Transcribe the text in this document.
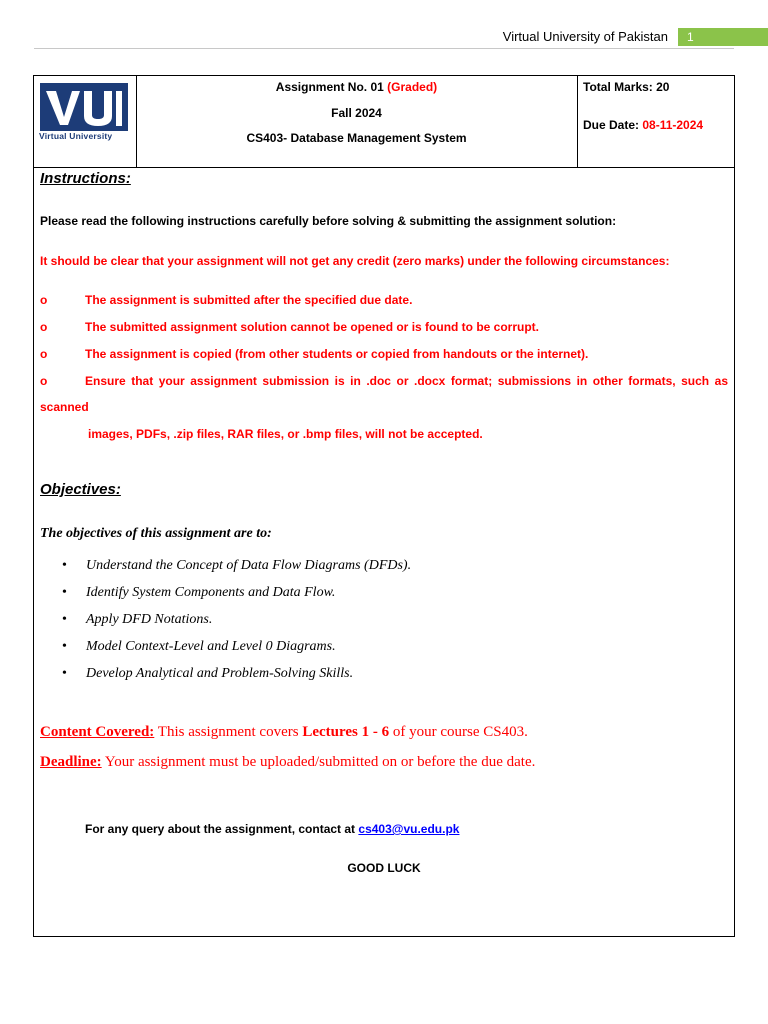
Virtual University of Pakistan	1
Virtual University
Assignment No. 01 (Graded)
Fall 2024
CS403- Database Management System
Total Marks: 20
Due Date: 08-11-2024
Instructions:
Please read the following instructions carefully before solving & submitting the assignment solution:
It should be clear that your assignment will not get any credit (zero marks) under the following circumstances:
o	The assignment is submitted after the specified due date.
o	The submitted assignment solution cannot be opened or is found to be corrupt.
o	The assignment is copied (from other students or copied from handouts or the internet).
o	Ensure that your assignment submission is in .doc or .docx format; submissions in other formats, such as
scanned
images, PDFs, .zip files, RAR files, or .bmp files, will not be accepted.
Objectives:
The objectives of this assignment are to:
• Understand the Concept of Data Flow Diagrams (DFDs).
• Identify System Components and Data Flow.
• Apply DFD Notations.
• Model Context-Level and Level 0 Diagrams.
• Develop Analytical and Problem-Solving Skills.
Content Covered: This assignment covers Lectures 1 - 6 of your course CS403.
Deadline: Your assignment must be uploaded/submitted on or before the due date.
For any query about the assignment, contact at cs403@vu.edu.pk
GOOD LUCK
